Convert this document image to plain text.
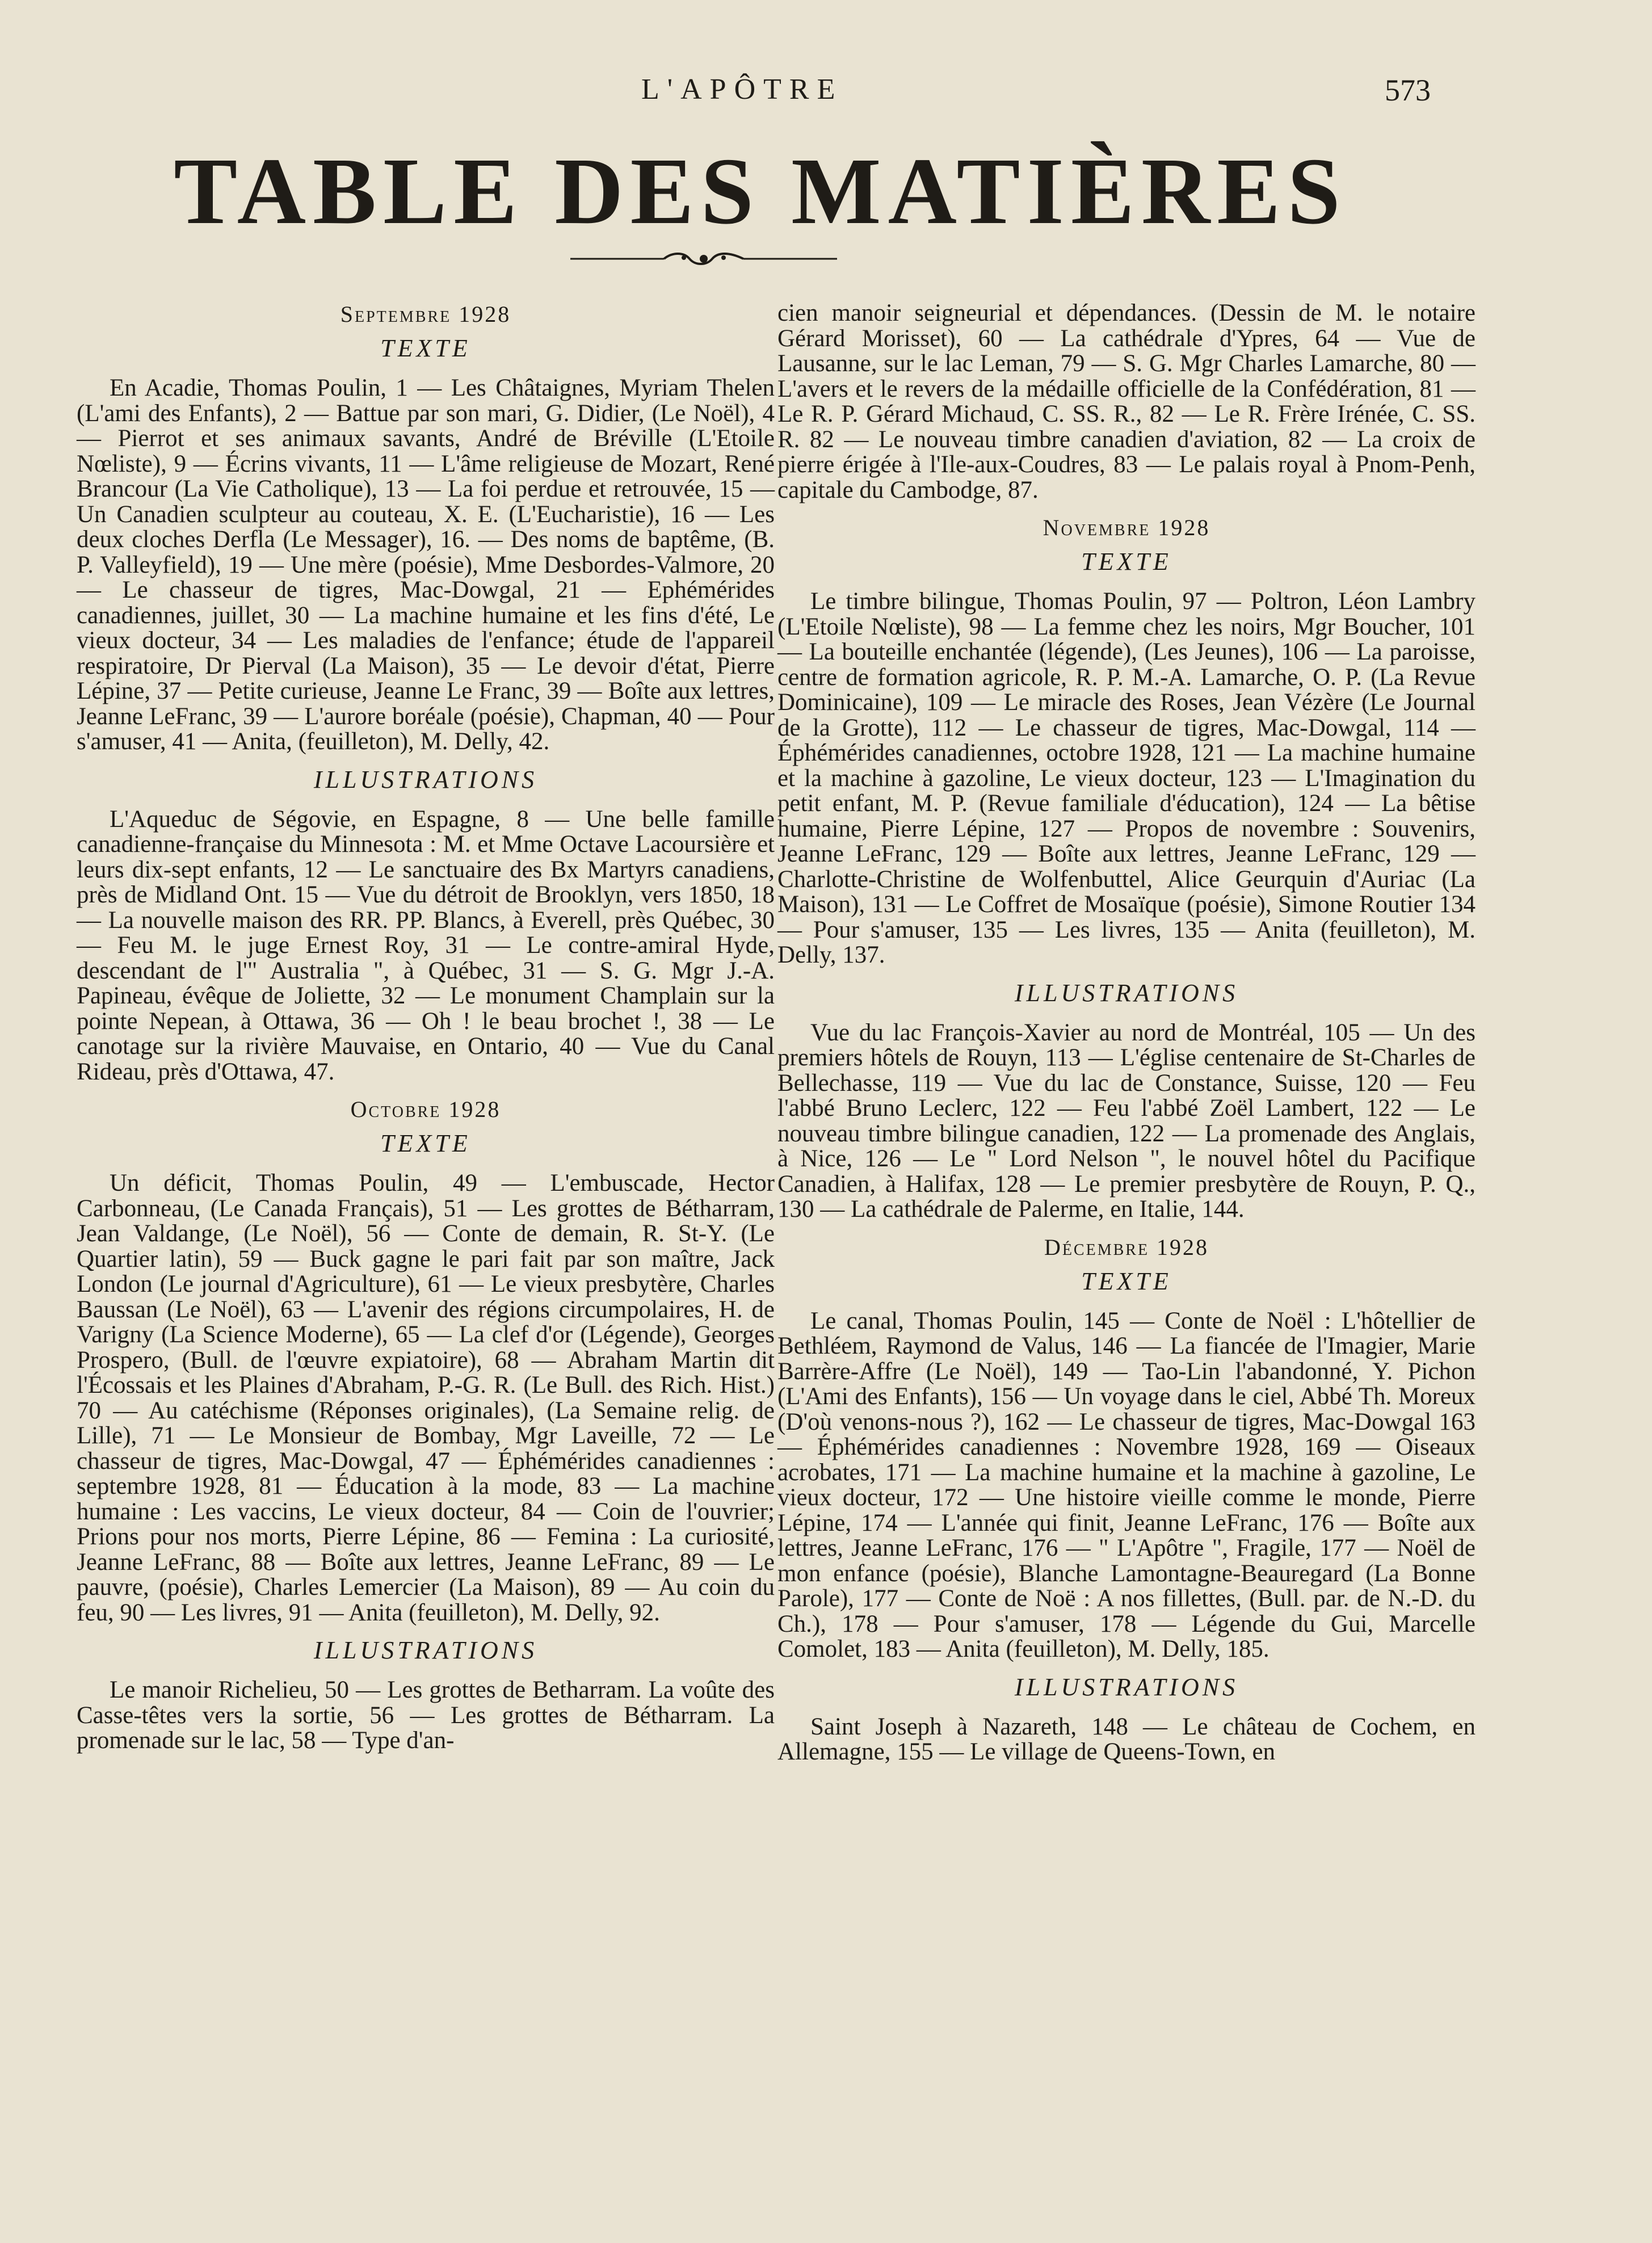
L'APÔTRE	573
TABLE DES MATIÈRES
Septembre 1928
TEXTE

En Acadie, Thomas Poulin, 1 — Les Châtaignes, Myriam Thelen (L'ami des Enfants), 2 — Battue par son mari, G. Didier, (Le Noël), 4 — Pierrot et ses animaux savants, André de Bréville (L'Etoile Nœliste), 9 — Écrins vivants, 11 — L'âme religieuse de Mozart, René Brancour (La Vie Catholique), 13 — La foi perdue et retrouvée, 15 — Un Canadien sculpteur au couteau, X. E. (L'Eucharistie), 16 — Les deux cloches Derfla (Le Messager), 16. — Des noms de baptême, (B. P. Valleyfield), 19 — Une mère (poésie), Mme Desbordes-Valmore, 20 — Le chasseur de tigres, Mac-Dowgal, 21 — Ephémérides canadiennes, juillet, 30 — La machine humaine et les fins d'été, Le vieux docteur, 34 — Les maladies de l'enfance; étude de l'appareil respiratoire, Dr Pierval (La Maison), 35 — Le devoir d'état, Pierre Lépine, 37 — Petite curieuse, Jeanne Le Franc, 39 — Boîte aux lettres, Jeanne LeFranc, 39 — L'aurore boréale (poésie), Chapman, 40 — Pour s'amuser, 41 — Anita, (feuilleton), M. Delly, 42.

ILLUSTRATIONS

L'Aqueduc de Ségovie, en Espagne, 8 — Une belle famille canadienne-française du Minnesota : M. et Mme Octave Lacoursière et leurs dix-sept enfants, 12 — Le sanctuaire des Bx Martyrs canadiens, près de Midland Ont. 15 — Vue du détroit de Brooklyn, vers 1850, 18 — La nouvelle maison des RR. PP. Blancs, à Everell, près Québec, 30 — Feu M. le juge Ernest Roy, 31 — Le contre-amiral Hyde, descendant de l'" Australia ", à Québec, 31 — S. G. Mgr J.-A. Papineau, évêque de Joliette, 32 — Le monument Champlain sur la pointe Nepean, à Ottawa, 36 — Oh ! le beau brochet !, 38 — Le canotage sur la rivière Mauvaise, en Ontario, 40 — Vue du Canal Rideau, près d'Ottawa, 47.

Octobre 1928
TEXTE

Un déficit, Thomas Poulin, 49 — L'embuscade, Hector Carbonneau, (Le Canada Français), 51 — Les grottes de Bétharram, Jean Valdange, (Le Noël), 56 — Conte de demain, R. St-Y. (Le Quartier latin), 59 — Buck gagne le pari fait par son maître, Jack London (Le journal d'Agriculture), 61 — Le vieux presbytère, Charles Baussan (Le Noël), 63 — L'avenir des régions circumpolaires, H. de Varigny (La Science Moderne), 65 — La clef d'or (Légende), Georges Prospero, (Bull. de l'œuvre expiatoire), 68 — Abraham Martin dit l'Écossais et les Plaines d'Abraham, P.-G. R. (Le Bull. des Rich. Hist.) 70 — Au catéchisme (Réponses originales), (La Semaine relig. de Lille), 71 — Le Monsieur de Bombay, Mgr Laveille, 72 — Le chasseur de tigres, Mac-Dowgal, 47 — Éphémérides canadiennes : septembre 1928, 81 — Éducation à la mode, 83 — La machine humaine : Les vaccins, Le vieux docteur, 84 — Coin de l'ouvrier; Prions pour nos morts, Pierre Lépine, 86 — Femina : La curiosité, Jeanne LeFranc, 88 — Boîte aux lettres, Jeanne LeFranc, 89 — Le pauvre, (poésie), Charles Lemercier (La Maison), 89 — Au coin du feu, 90 — Les livres, 91 — Anita (feuilleton), M. Delly, 92.

ILLUSTRATIONS

Le manoir Richelieu, 50 — Les grottes de Betharram. La voûte des Casse-têtes vers la sortie, 56 — Les grottes de Bétharram. La promenade sur le lac, 58 — Type d'an-

cien manoir seigneurial et dépendances. (Dessin de M. le notaire Gérard Morisset), 60 — La cathédrale d'Ypres, 64 — Vue de Lausanne, sur le lac Leman, 79 — S. G. Mgr Charles Lamarche, 80 — L'avers et le revers de la médaille officielle de la Confédération, 81 — Le R. P. Gérard Michaud, C. SS. R., 82 — Le R. Frère Irénée, C. SS. R. 82 — Le nouveau timbre canadien d'aviation, 82 — La croix de pierre érigée à l'Ile-aux-Coudres, 83 — Le palais royal à Pnom-Penh, capitale du Cambodge, 87.

Novembre 1928
TEXTE

Le timbre bilingue, Thomas Poulin, 97 — Poltron, Léon Lambry (L'Etoile Nœliste), 98 — La femme chez les noirs, Mgr Boucher, 101 — La bouteille enchantée (légende), (Les Jeunes), 106 — La paroisse, centre de formation agricole, R. P. M.-A. Lamarche, O. P. (La Revue Dominicaine), 109 — Le miracle des Roses, Jean Vézère (Le Journal de la Grotte), 112 — Le chasseur de tigres, Mac-Dowgal, 114 — Éphémérides canadiennes, octobre 1928, 121 — La machine humaine et la machine à gazoline, Le vieux docteur, 123 — L'Imagination du petit enfant, M. P. (Revue familiale d'éducation), 124 — La bêtise humaine, Pierre Lépine, 127 — Propos de novembre : Souvenirs, Jeanne LeFranc, 129 — Boîte aux lettres, Jeanne LeFranc, 129 — Charlotte-Christine de Wolfenbuttel, Alice Geurquin d'Auriac (La Maison), 131 — Le Coffret de Mosaïque (poésie), Simone Routier 134 — Pour s'amuser, 135 — Les livres, 135 — Anita (feuilleton), M. Delly, 137.

ILLUSTRATIONS

Vue du lac François-Xavier au nord de Montréal, 105 — Un des premiers hôtels de Rouyn, 113 — L'église centenaire de St-Charles de Bellechasse, 119 — Vue du lac de Constance, Suisse, 120 — Feu l'abbé Bruno Leclerc, 122 — Feu l'abbé Zoël Lambert, 122 — Le nouveau timbre bilingue canadien, 122 — La promenade des Anglais, à Nice, 126 — Le " Lord Nelson ", le nouvel hôtel du Pacifique Canadien, à Halifax, 128 — Le premier presbytère de Rouyn, P. Q., 130 — La cathédrale de Palerme, en Italie, 144.

Décembre 1928
TEXTE

Le canal, Thomas Poulin, 145 — Conte de Noël : L'hôtellier de Bethléem, Raymond de Valus, 146 — La fiancée de l'Imagier, Marie Barrère-Affre (Le Noël), 149 — Tao-Lin l'abandonné, Y. Pichon (L'Ami des Enfants), 156 — Un voyage dans le ciel, Abbé Th. Moreux (D'où venons-nous ?), 162 — Le chasseur de tigres, Mac-Dowgal 163 — Éphémérides canadiennes : Novembre 1928, 169 — Oiseaux acrobates, 171 — La machine humaine et la machine à gazoline, Le vieux docteur, 172 — Une histoire vieille comme le monde, Pierre Lépine, 174 — L'année qui finit, Jeanne LeFranc, 176 — Boîte aux lettres, Jeanne LeFranc, 176 — " L'Apôtre ", Fragile, 177 — Noël de mon enfance (poésie), Blanche Lamontagne-Beauregard (La Bonne Parole), 177 — Conte de Noë : A nos fillettes, (Bull. par. de N.-D. du Ch.), 178 — Pour s'amuser, 178 — Légende du Gui, Marcelle Comolet, 183 — Anita (feuilleton), M. Delly, 185.

ILLUSTRATIONS

Saint Joseph à Nazareth, 148 — Le château de Cochem, en Allemagne, 155 — Le village de Queens-Town, en
